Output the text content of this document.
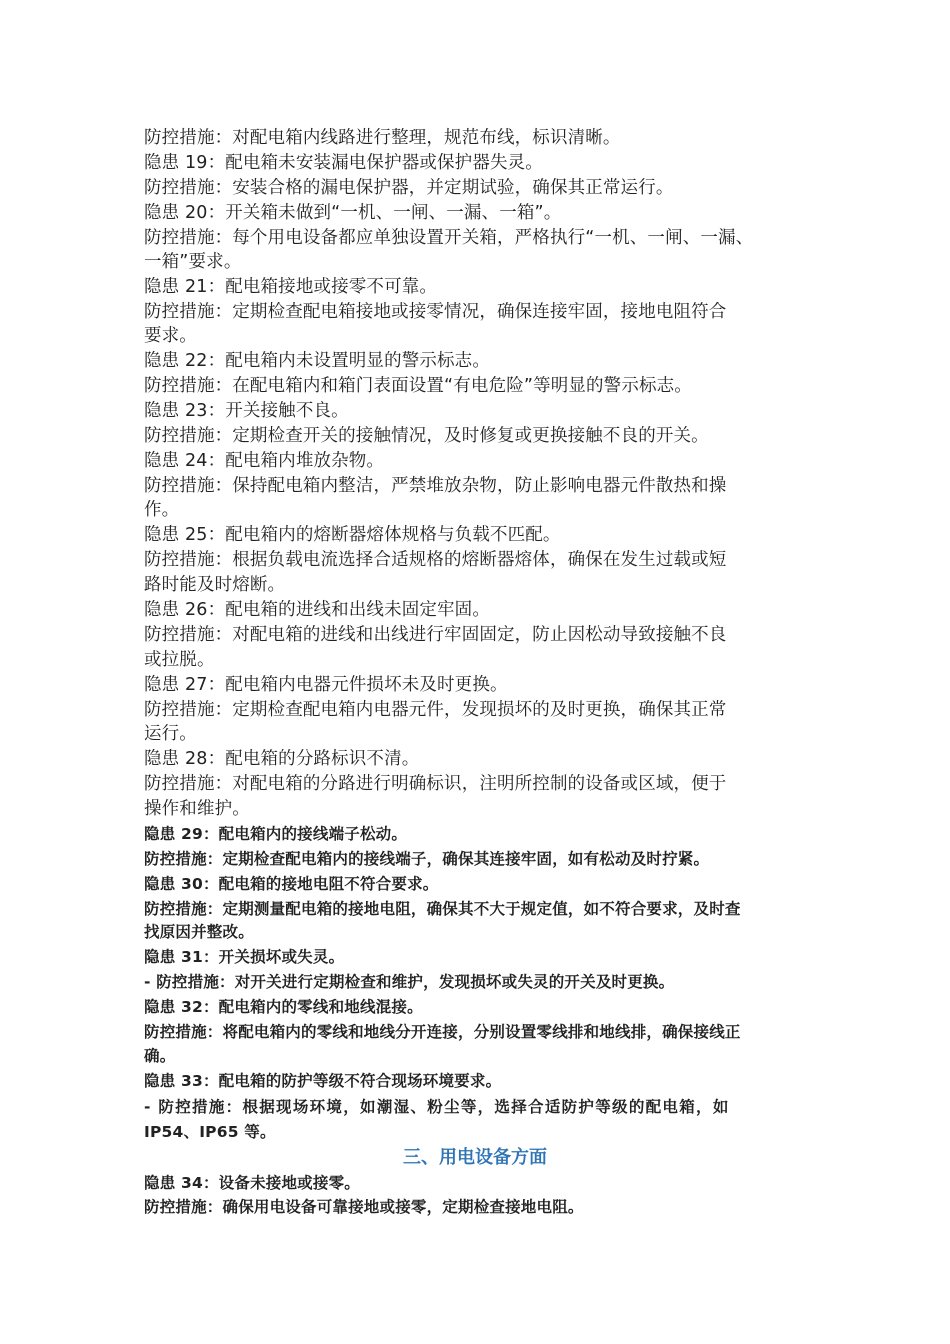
防控措施：对配电箱内线路进行整理，规范布线，标识清晰。
隐患 19：配电箱未安装漏电保护器或保护器失灵。
防控措施：安装合格的漏电保护器，并定期试验，确保其正常运行。
隐患 20：开关箱未做到“一机、一闸、一漏、一箱”。
防控措施：每个用电设备都应单独设置开关箱，严格执行“一机、一闸、一漏、
一箱”要求。
隐患 21：配电箱接地或接零不可靠。
防控措施：定期检查配电箱接地或接零情况，确保连接牢固，接地电阻符合
要求。
隐患 22：配电箱内未设置明显的警示标志。
防控措施：在配电箱内和箱门表面设置“有电危险”等明显的警示标志。
隐患 23：开关接触不良。
防控措施：定期检查开关的接触情况，及时修复或更换接触不良的开关。
隐患 24：配电箱内堆放杂物。
防控措施：保持配电箱内整洁，严禁堆放杂物，防止影响电器元件散热和操
作。
隐患 25：配电箱内的熔断器熔体规格与负载不匹配。
防控措施：根据负载电流选择合适规格的熔断器熔体，确保在发生过载或短
路时能及时熔断。
隐患 26：配电箱的进线和出线未固定牢固。
防控措施：对配电箱的进线和出线进行牢固固定，防止因松动导致接触不良
或拉脱。
隐患 27：配电箱内电器元件损坏未及时更换。
防控措施：定期检查配电箱内电器元件，发现损坏的及时更换，确保其正常
运行。
隐患 28：配电箱的分路标识不清。
防控措施：对配电箱的分路进行明确标识，注明所控制的设备或区域，便于
操作和维护。
隐患 29：配电箱内的接线端子松动。
防控措施：定期检查配电箱内的接线端子，确保其连接牢固，如有松动及时拧紧。
隐患 30：配电箱的接地电阻不符合要求。
防控措施：定期测量配电箱的接地电阻，确保其不大于规定值，如不符合要求，及时查
找原因并整改。
隐患 31：开关损坏或失灵。
- 防控措施：对开关进行定期检查和维护，发现损坏或失灵的开关及时更换。
隐患 32：配电箱内的零线和地线混接。
防控措施：将配电箱内的零线和地线分开连接，分别设置零线排和地线排，确保接线正
确。
隐患 33：配电箱的防护等级不符合现场环境要求。
- 防控措施：根据现场环境，如潮湿、粉尘等，选择合适防护等级的配电箱，如
IP54、IP65 等。
三、用电设备方面
隐患 34：设备未接地或接零。
防控措施：确保用电设备可靠接地或接零，定期检查接地电阻。
